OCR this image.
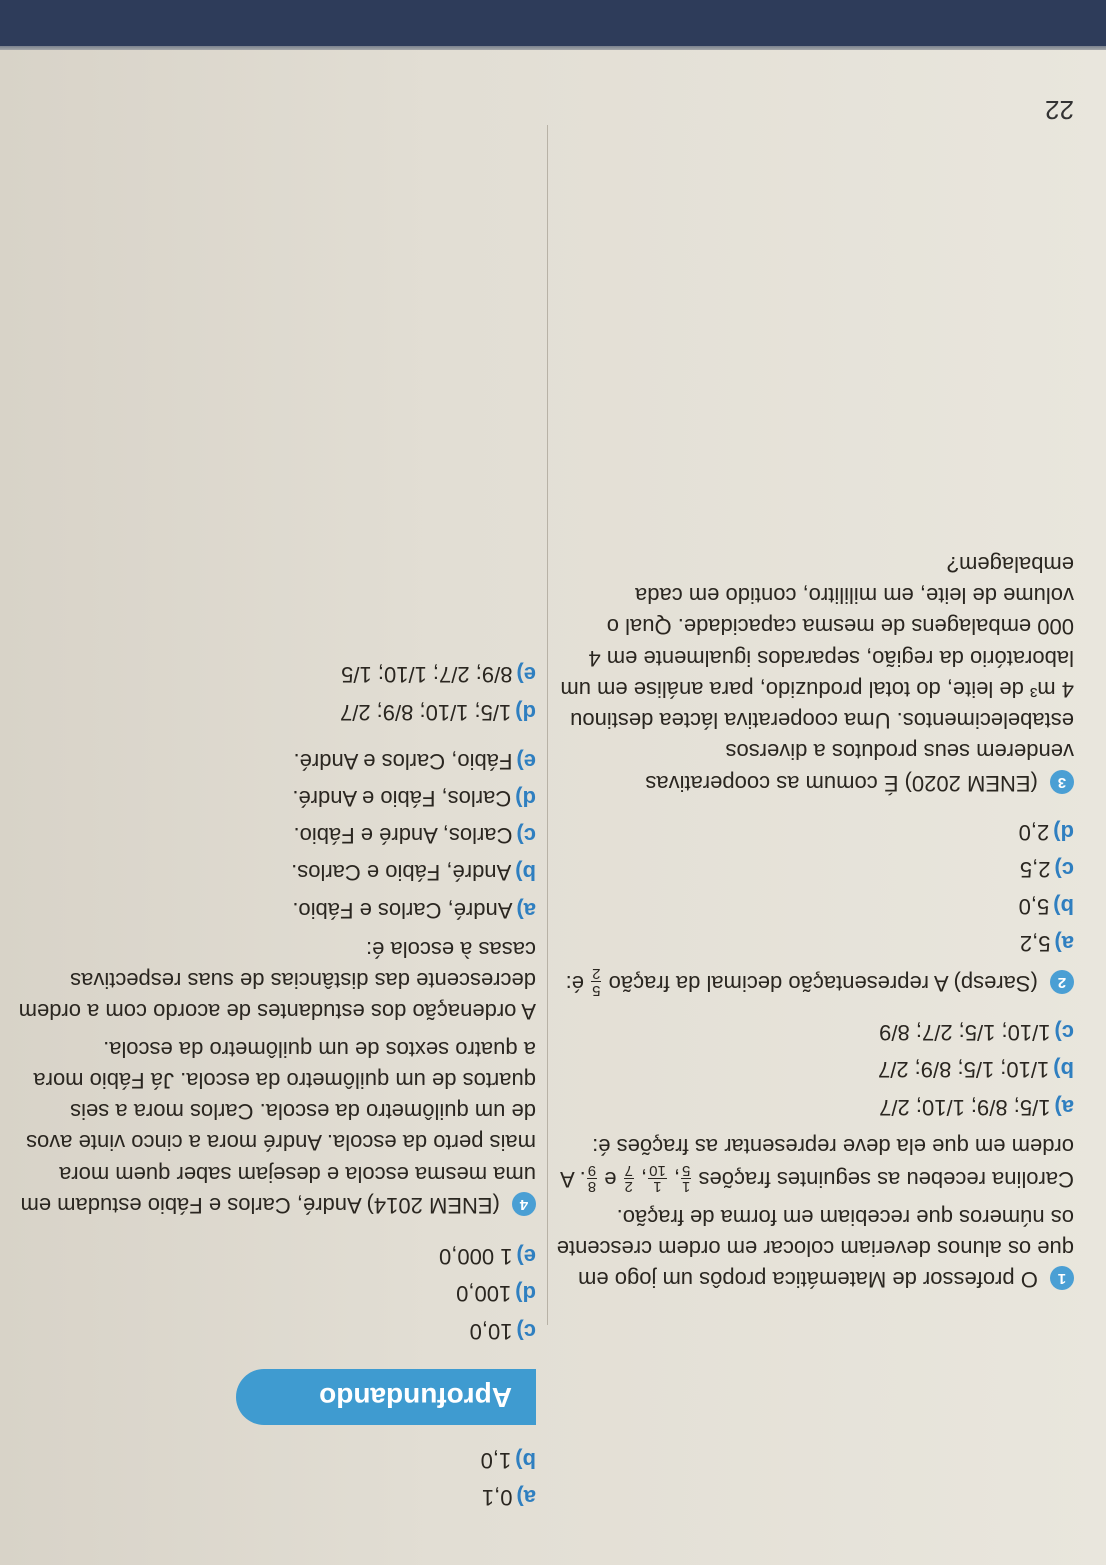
1 O professor de Matemática propôs um jogo em que os alunos deveriam colocar em ordem crescente os números que recebiam em forma de fração.
Carolina recebeu as seguintes frações
1
5
,
1
10
,
2
7
e
8
9
. A ordem em que ela deve representar as frações é:
a)1/5; 8/9; 1/10; 2/7
b)1/10; 1/5; 8/9; 2/7
c)1/10; 1/5; 2/7; 8/9
2 (Saresp) A representação decimal da fração
5
2
é:
a)5,2
b)5,0
c)2,5
d)2,0
3 (ENEM 2020) É comum as cooperativas venderem seus produtos a diversos estabelecimentos. Uma cooperativa láctea destinou 4 m³ de leite, do total produzido, para análise em um laboratório da região, separados igualmente em 4 000 embalagens de mesma capacidade. Qual o volume de leite, em mililitro, contido em cada embalagem?
22
a)0,1
b)1,0
c)10,0
d)100,0
e)1 000,0
4 (ENEM 2014) André, Carlos e Fábio estudam em uma mesma escola e desejam saber quem mora mais perto da escola. André mora a cinco vinte avos de um quilômetro da escola. Carlos mora a seis quartos de um quilômetro da escola. Já Fábio mora a quatro sextos de um quilômetro da escola.
A ordenação dos estudantes de acordo com a ordem decrescente das distâncias de suas respectivas casas à escola é:
a)André, Carlos e Fábio.
b)André, Fábio e Carlos.
c)Carlos, André e Fábio.
d)Carlos, Fábio e André.
e)Fábio, Carlos e André.
d)1/5; 1/10; 8/9; 2/7
e)8/9; 2/7; 1/10; 1/5
Aprofundando
